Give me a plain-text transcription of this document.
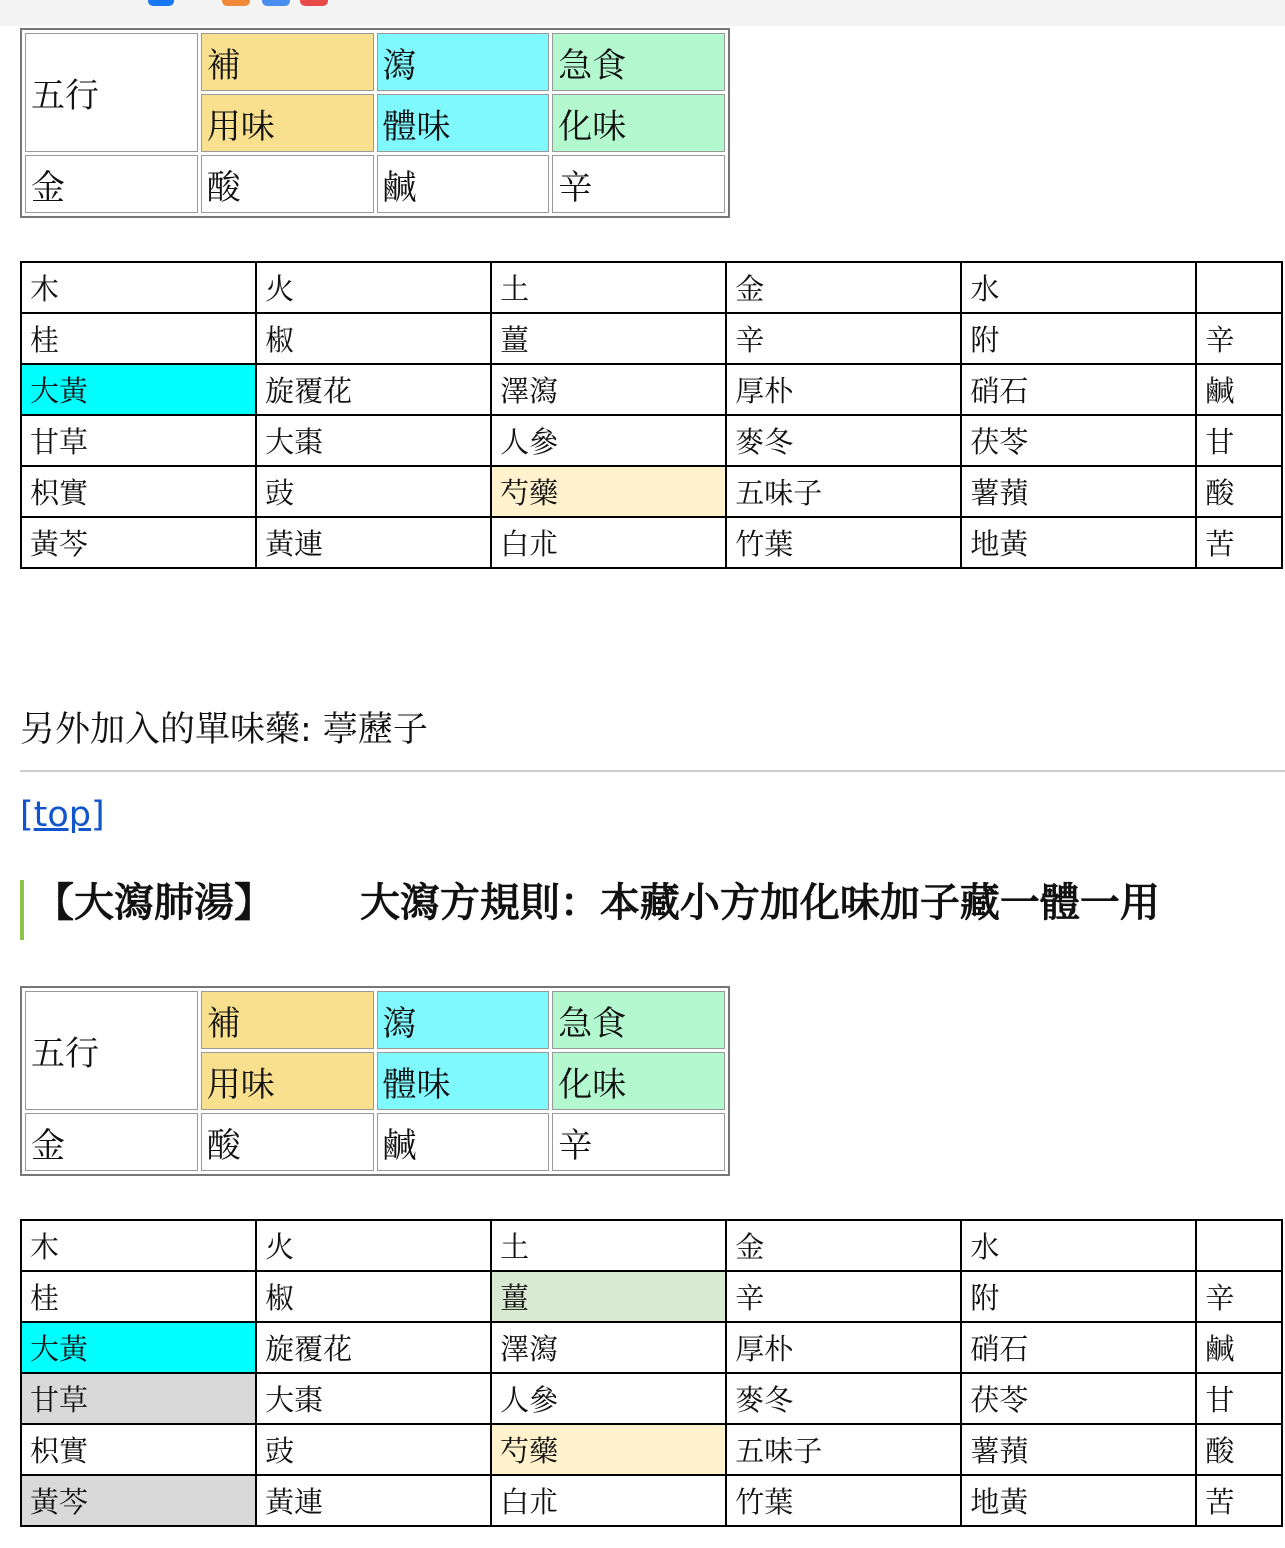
五行	補	瀉	急食
	用味	體味	化味
金	酸	鹹	辛
木	火	土	金	水	
桂	椒	薑	辛	附	辛
大黃	旋覆花	澤瀉	厚朴	硝石	鹹
甘草	大棗	人參	麥冬	茯苓	甘
枳實	豉	芍藥	五味子	薯蕷	酸
黃芩	黃連	白朮	竹葉	地黃	苦
另外加入的單味藥: 葶藶子
[top]
【大瀉肺湯】 大瀉方規則：本藏小方加化味加子藏一體一用
五行	補	瀉	急食
	用味	體味	化味
金	酸	鹹	辛
木	火	土	金	水	
桂	椒	薑	辛	附	辛
大黃	旋覆花	澤瀉	厚朴	硝石	鹹
甘草	大棗	人參	麥冬	茯苓	甘
枳實	豉	芍藥	五味子	薯蕷	酸
黃芩	黃連	白朮	竹葉	地黃	苦
